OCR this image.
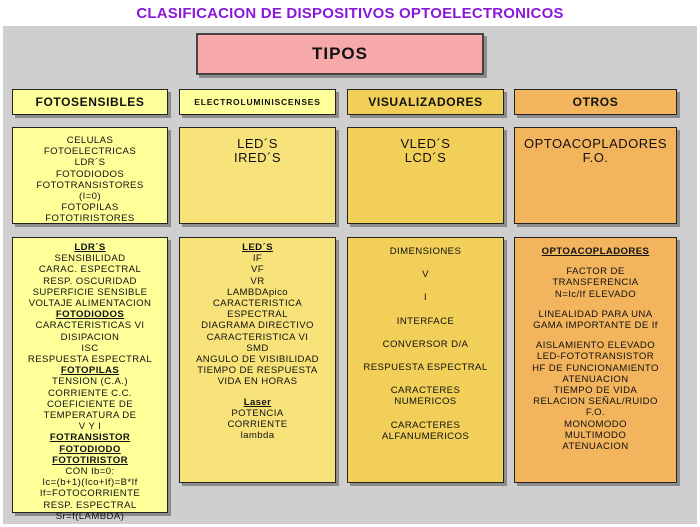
CLASIFICACION DE DISPOSITIVOS OPTOELECTRONICOS
TIPOS
FOTOSENSIBLES	ELECTROLUMINISCENSES	VISUALIZADORES	OTROS
CELULAS
FOTOELECTRICAS
LDR´S
FOTODIODOS
FOTOTRANSISTORES
(I=0)
FOTOPILAS
FOTOTIRISTORES
LED´S
IRED´S
VLED´S
LCD´S
OPTOACOPLADORES
F.O.
LDR´S
SENSIBILIDAD
CARAC. ESPECTRAL
RESP. OSCURIDAD
SUPERFICIE SENSIBLE
VOLTAJE ALIMENTACION
FOTODIODOS
CARACTERISTICAS VI
DISIPACION
ISC
RESPUESTA ESPECTRAL
FOTOPILAS
TENSION (C.A.)
CORRIENTE C.C.
COEFICIENTE DE
TEMPERATURA DE
V Y I
FOTRANSISTOR
FOTODIODO
FOTOTIRISTOR
CON Ib=0:
Ic=(b+1)(Ico+If)=B*If
If=FOTOCORRIENTE
RESP. ESPECTRAL
Sr=f(LAMBDA)
LED´S
IF
VF
VR
LAMBDApico
CARACTERISTICA
ESPECTRAL
DIAGRAMA DIRECTIVO
CARACTERISTICA VI
SMD
ANGULO DE VISIBILIDAD
TIEMPO DE RESPUESTA
VIDA EN HORAS
Laser
POTENCIA
CORRIENTE
lambda
DIMENSIONES
V
I
INTERFACE
CONVERSOR D/A
RESPUESTA ESPECTRAL
CARACTERES
NUMERICOS
CARACTERES
ALFANUMERICOS
OPTOACOPLADORES
FACTOR DE
TRANSFERENCIA
N=Ic/If ELEVADO
LINEALIDAD PARA UNA
GAMA IMPORTANTE DE If
AISLAMIENTO ELEVADO
LED-FOTOTRANSISTOR
HF DE FUNCIONAMIENTO
ATENUACION
TIEMPO DE VIDA
RELACION SEÑAL/RUIDO
F.O.
MONOMODO
MULTIMODO
ATENUACION
